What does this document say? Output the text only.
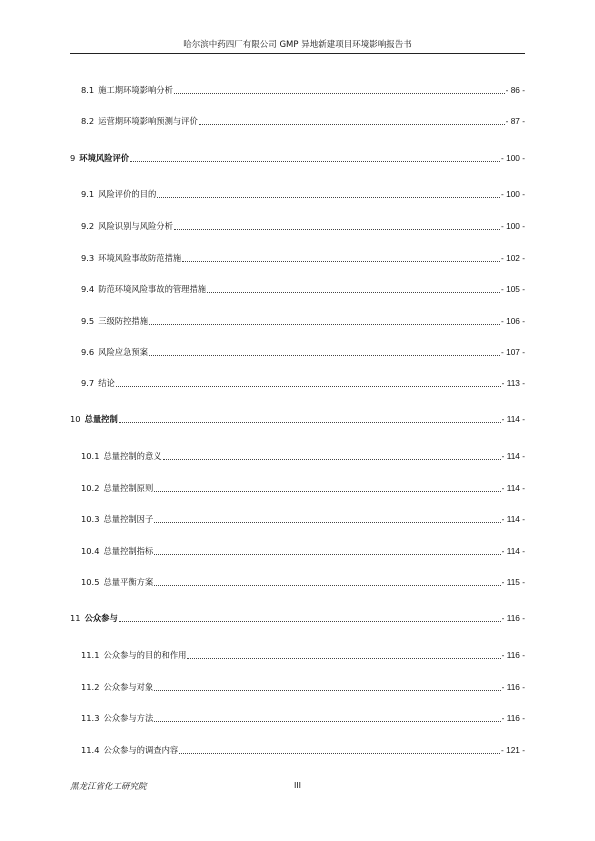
哈尔滨中药四厂有限公司 GMP 异地新建项目环境影响报告书
8.1 施工期环境影响分析	- 86 -
8.2 运营期环境影响预测与评价	- 87 -
9 环境风险评价	- 100 -
9.1 风险评价的目的	- 100 -
9.2 风险识别与风险分析	- 100 -
9.3 环境风险事故防范措施	- 102 -
9.4 防范环境风险事故的管理措施	- 105 -
9.5 三级防控措施	- 106 -
9.6 风险应急预案	- 107 -
9.7 结论	- 113 -
10 总量控制	- 114 -
10.1 总量控制的意义	- 114 -
10.2 总量控制原则	- 114 -
10.3 总量控制因子	- 114 -
10.4 总量控制指标	- 114 -
10.5 总量平衡方案	- 115 -
11 公众参与	- 116 -
11.1 公众参与的目的和作用	- 116 -
11.2 公众参与对象	- 116 -
11.3 公众参与方法	- 116 -
11.4 公众参与的调查内容	- 121 -
黑龙江省化工研究院	III
